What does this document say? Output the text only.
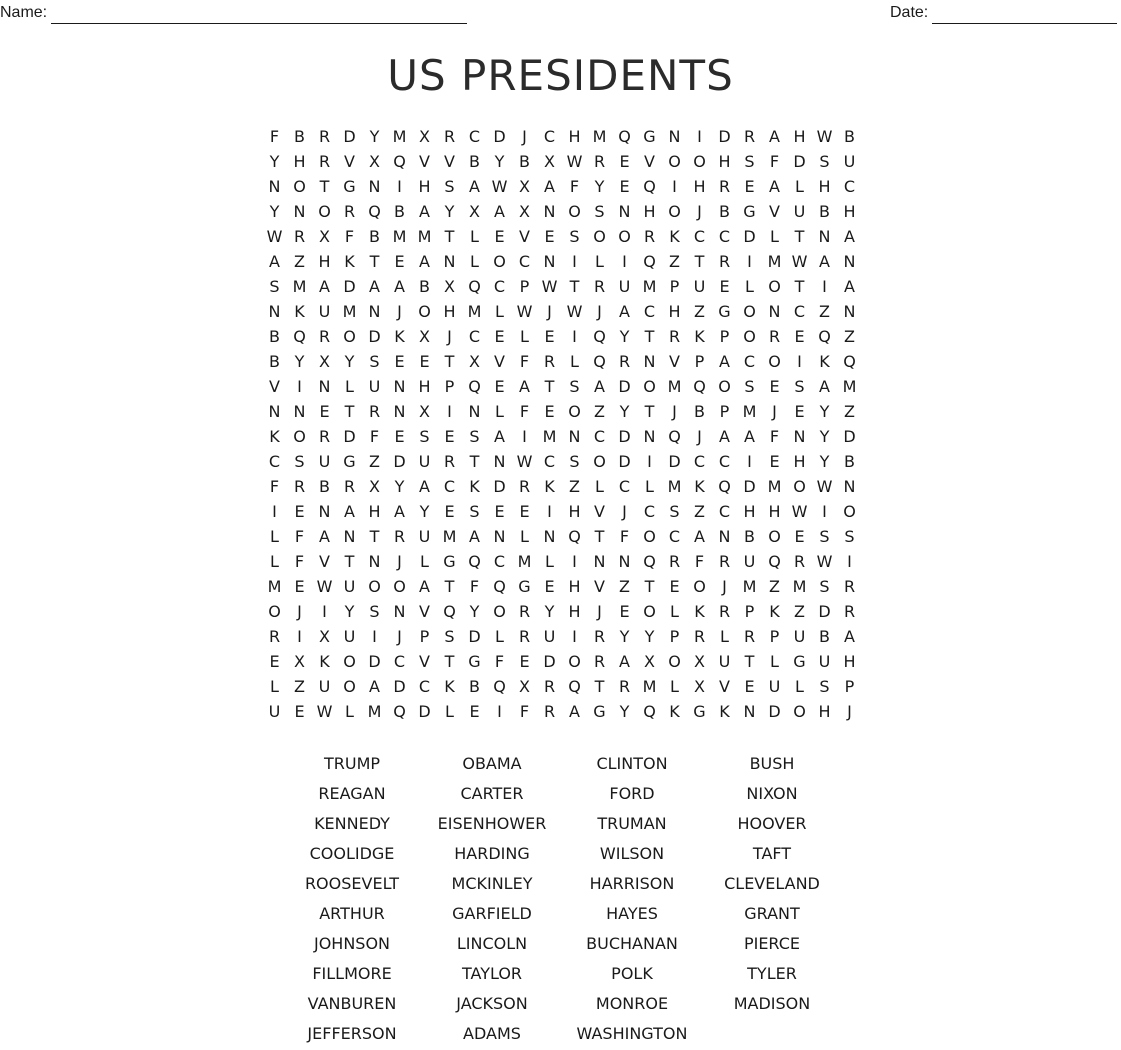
Name:	Date:
US PRESIDENTS
F B R D Y M X R C D	J	C H M Q G N	I	D R A H W B
Y H R V X Q V V B Y B X W R E V O O H S F D S U
N O T G N	I	H S A W X A F Y E Q	I	H R E A L H C
Y N O R Q B A Y X A X N O S N H O	J	B G V U B H
W R X F B M M T L E V E S O O R K C C D L T N A
A Z H K T E A N L O C N	I	L	I	Q Z T R	I M W A N
S M A D A A B X Q C P W T R U M P U E L O T	I	A
N K U M N	J	O H M L W J W J	A C H Z G O N C Z N
B Q R O D K X	J	C E L E	I	Q Y T R K P O R E Q Z
B Y X Y S E E T X V F R L Q R N V P A C O	I	K Q
V	I	N L U N H P Q E A T S A D O M Q O S E S A M
N N E T R N X	I	N L F E O Z Y T	J	B P M J	E Y Z
K O R D F E S E S A	I M N C D N Q	J	A A F N Y D
C S U G Z D U R T N W C S O D	I	D C C	I	E H Y B
F R B R X Y A C K D R K Z L C L M K Q D M O W N
I	E N A H A Y E S E E	I	H V	J	C S Z C H H W I	O
L F A N T R U M A N L N Q T F O C A N B O E S S
L F V T N	J	L G Q C M L	I	N N Q R F R U Q R W I
M E W U O O A T F Q G E H V Z T E O	J M Z M S R
O	J	I	Y S N V Q Y O R Y H	J	E O L K R P K Z D R
R	I	X U	I	J	P S D L R U	I	R Y Y P R L R P U B A
E X K O D C V T G F E D O R A X O X U T L G U H
L Z U O A D C K B Q X R Q T R M L X V E U L S P
U E W L M Q D L E	I	F R A G Y Q K G K N D O H	J
TRUMP	OBAMA	CLINTON	BUSH
REAGAN	CARTER	FORD	NIXON
KENNEDY	EISENHOWER	TRUMAN	HOOVER
COOLIDGE	HARDING	WILSON	TAFT
ROOSEVELT	MCKINLEY	HARRISON	CLEVELAND
ARTHUR	GARFIELD	HAYES	GRANT
JOHNSON	LINCOLN	BUCHANAN	PIERCE
FILLMORE	TAYLOR	POLK	TYLER
VANBUREN	JACKSON	MONROE	MADISON
JEFFERSON	ADAMS	WASHINGTON
